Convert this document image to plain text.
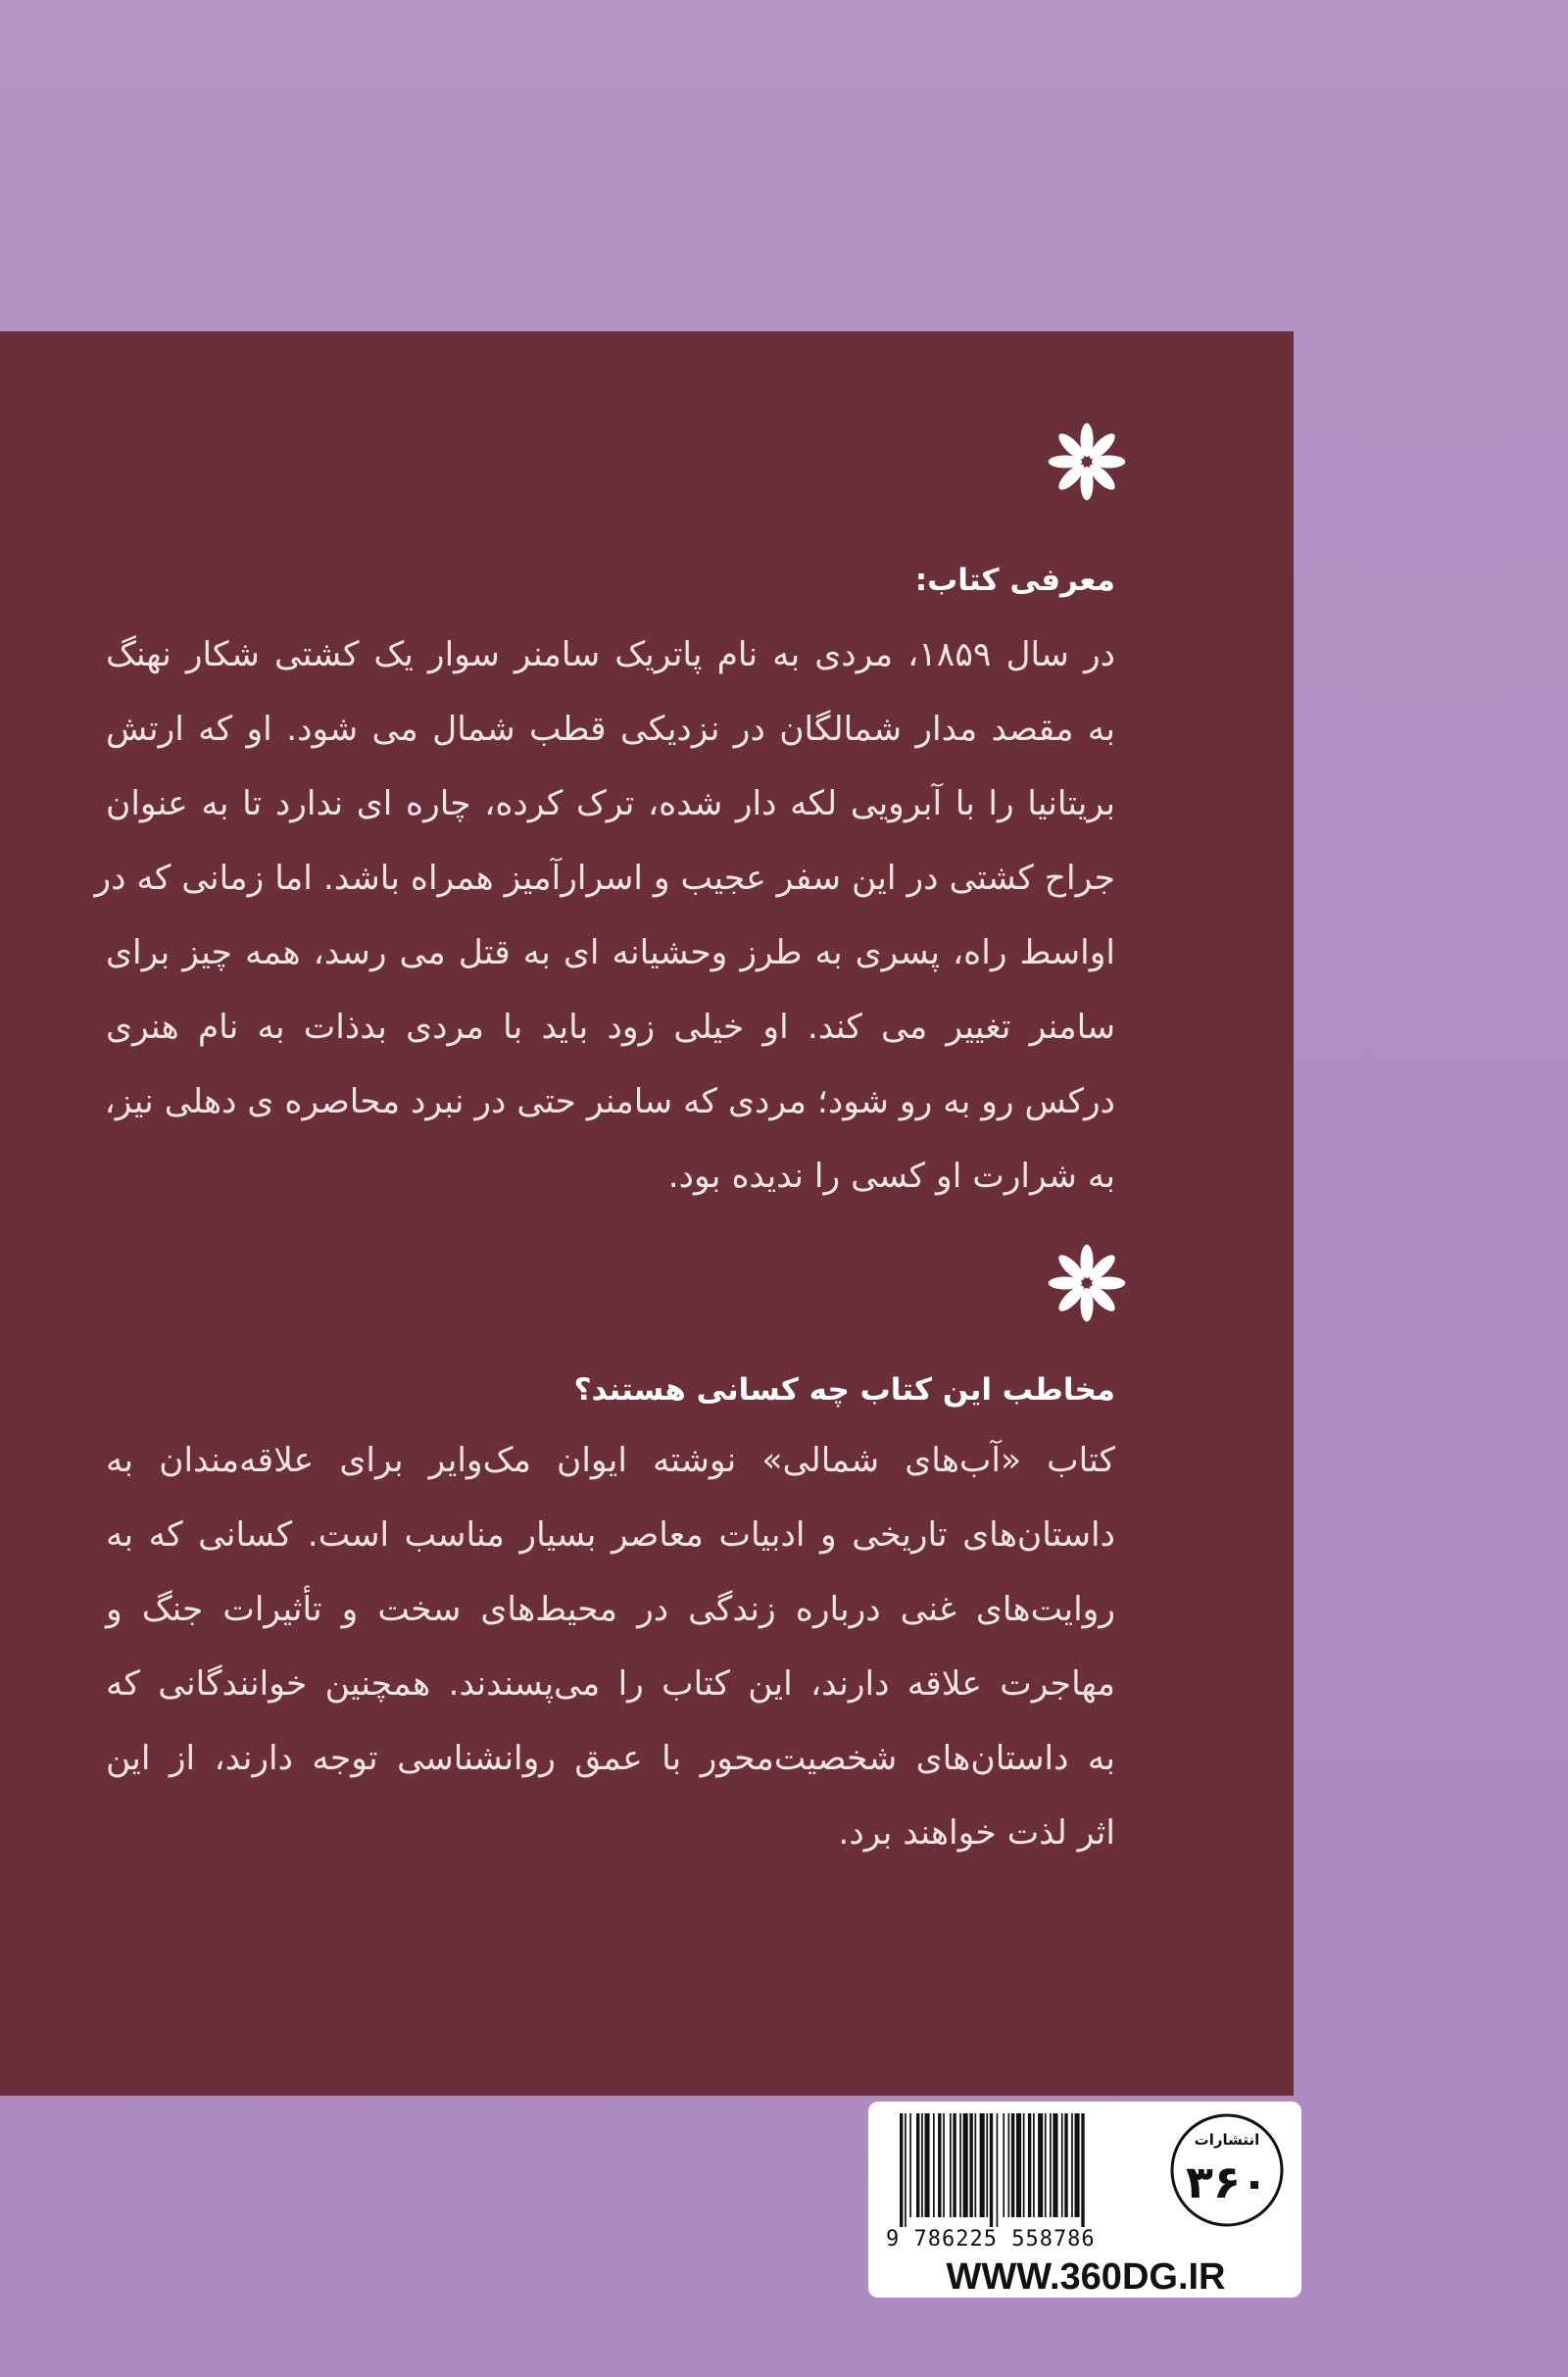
معرفی کتاب:
در سال ۱۸۵۹، مردی به نام پاتریک سامنر سوار یک کشتی شکار نهنگ
به مقصد مدار شمالگان در نزدیکی قطب شمال می شود. او که ارتش
بریتانیا را با آبرویی لکه دار شده، ترک کرده، چاره ای ندارد تا به عنوان
جراح کشتی در این سفر عجیب و اسرارآمیز همراه باشد. اما زمانی که در
اواسط راه، پسری به طرز وحشیانه ای به قتل می رسد، همه چیز برای
سامنر تغییر می کند. او خیلی زود باید با مردی بدذات به نام هنری
درکس رو به رو شود؛ مردی که سامنر حتی در نبرد محاصره ی دهلی نیز،
به شرارت او کسی را ندیده بود.
مخاطب این کتاب چه کسانی هستند؟
کتاب «آب‌های شمالی» نوشته ایوان مک‌وایر برای علاقه‌مندان به
داستان‌های تاریخی و ادبیات معاصر بسیار مناسب است. کسانی که به
روایت‌های غنی درباره زندگی در محیط‌های سخت و تأثیرات جنگ و
مهاجرت علاقه دارند، این کتاب را می‌پسندند. همچنین خوانندگانی که
به داستان‌های شخصیت‌محور با عمق روانشناسی توجه دارند، از این
اثر لذت خواهند برد.
9 786225 558786
انتشارات
۳۶۰
WWW.360DG.IR
